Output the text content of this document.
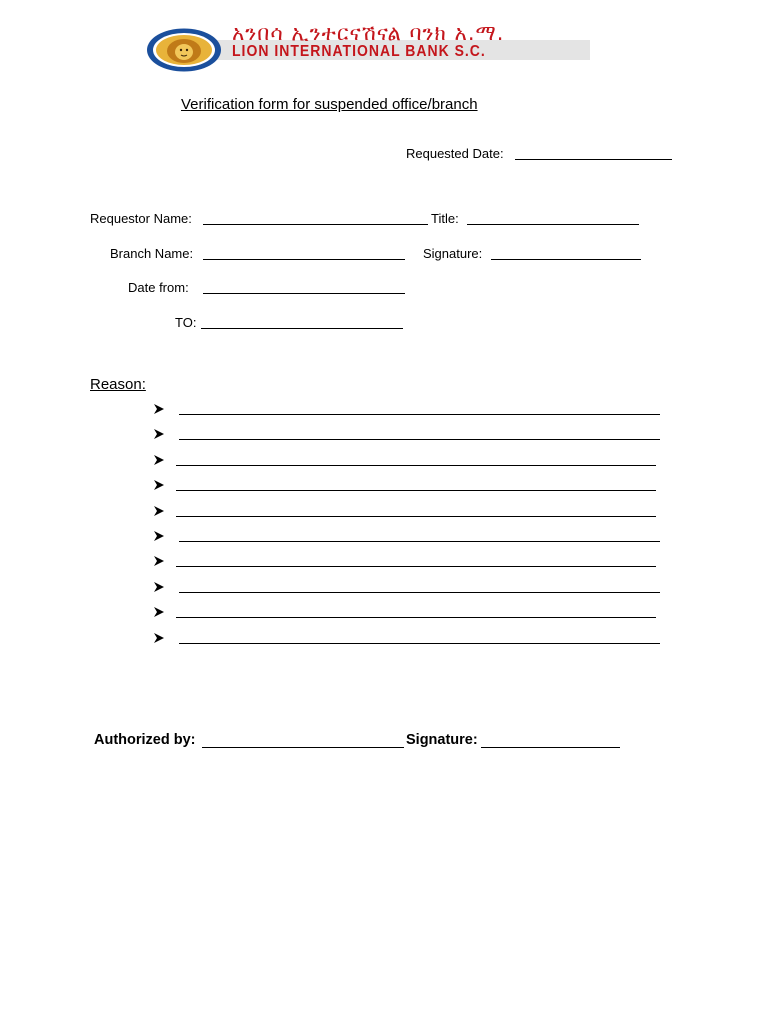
አንበሳ ኢንተርናሽናል ባንክ አ.ማ.
LION INTERNATIONAL BANK S.C.
Verification form for suspended office/branch
Requested Date:
Requestor Name:	Title:
Branch Name:	Signature:
Date from:
TO:
Reason:
Authorized by:	Signature:
